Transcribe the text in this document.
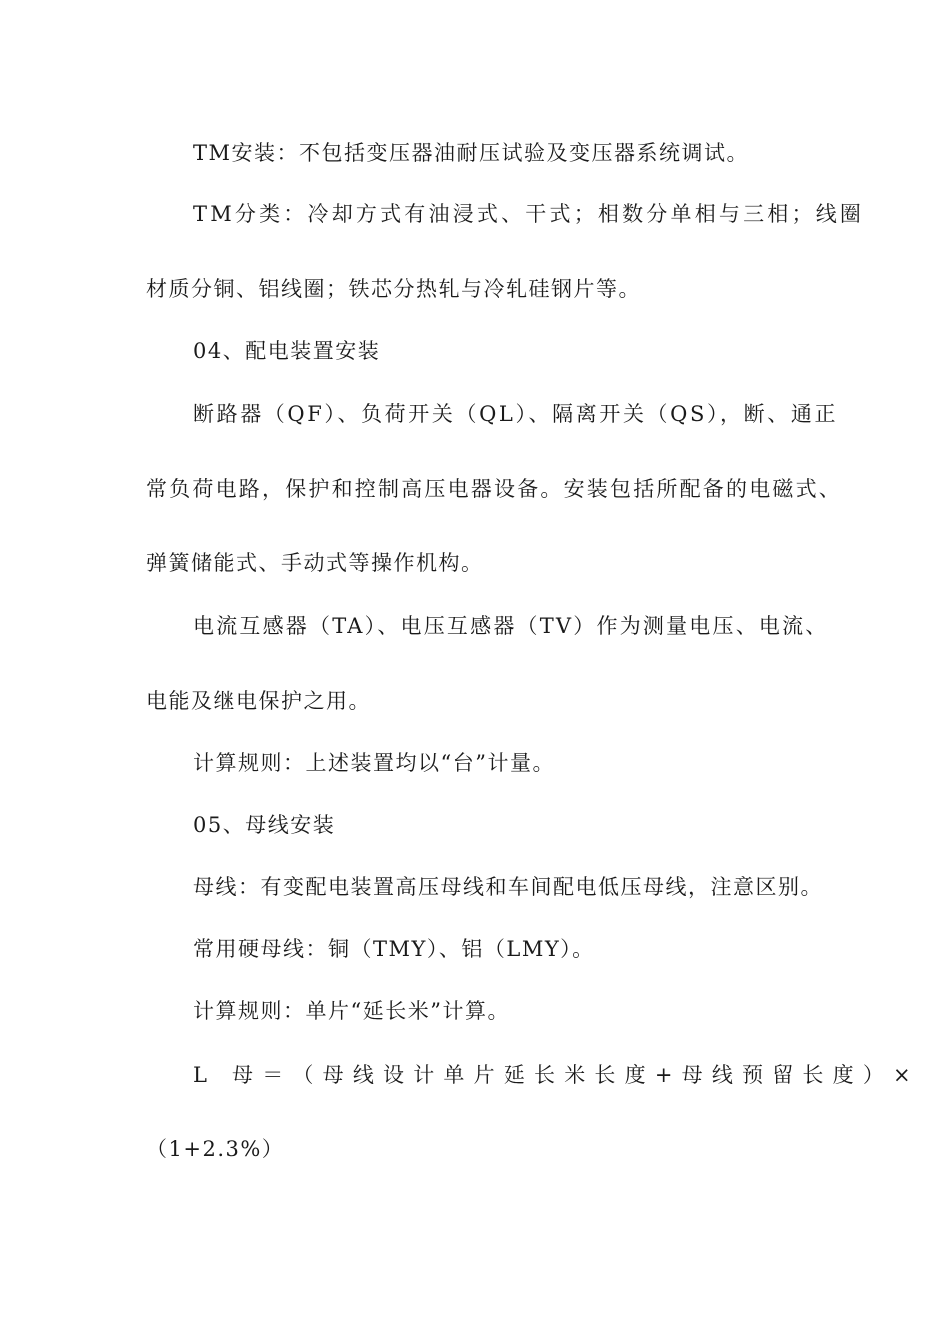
TM安装：不包括变压器油耐压试验及变压器系统调试。
TM分类：冷却方式有油浸式、干式；相数分单相与三相；线圈
材质分铜、铝线圈；铁芯分热轧与冷轧硅钢片等。
04、配电装置安装
断路器（QF）、负荷开关（QL）、隔离开关（QS），断、通正
常负荷电路，保护和控制高压电器设备。安装包括所配备的电磁式、
弹簧储能式、手动式等操作机构。
电流互感器（TA）、电压互感器（TV）作为测量电压、电流、
电能及继电保护之用。
计算规则：上述装置均以“台”计量。
05、母线安装
母线：有变配电装置高压母线和车间配电低压母线，注意区别。
常用硬母线：铜（TMY）、铝（LMY）。
计算规则：单片“延长米”计算。
L 母＝（母线设计单片延长米长度+母线预留长度）×
（1+2.3%）
